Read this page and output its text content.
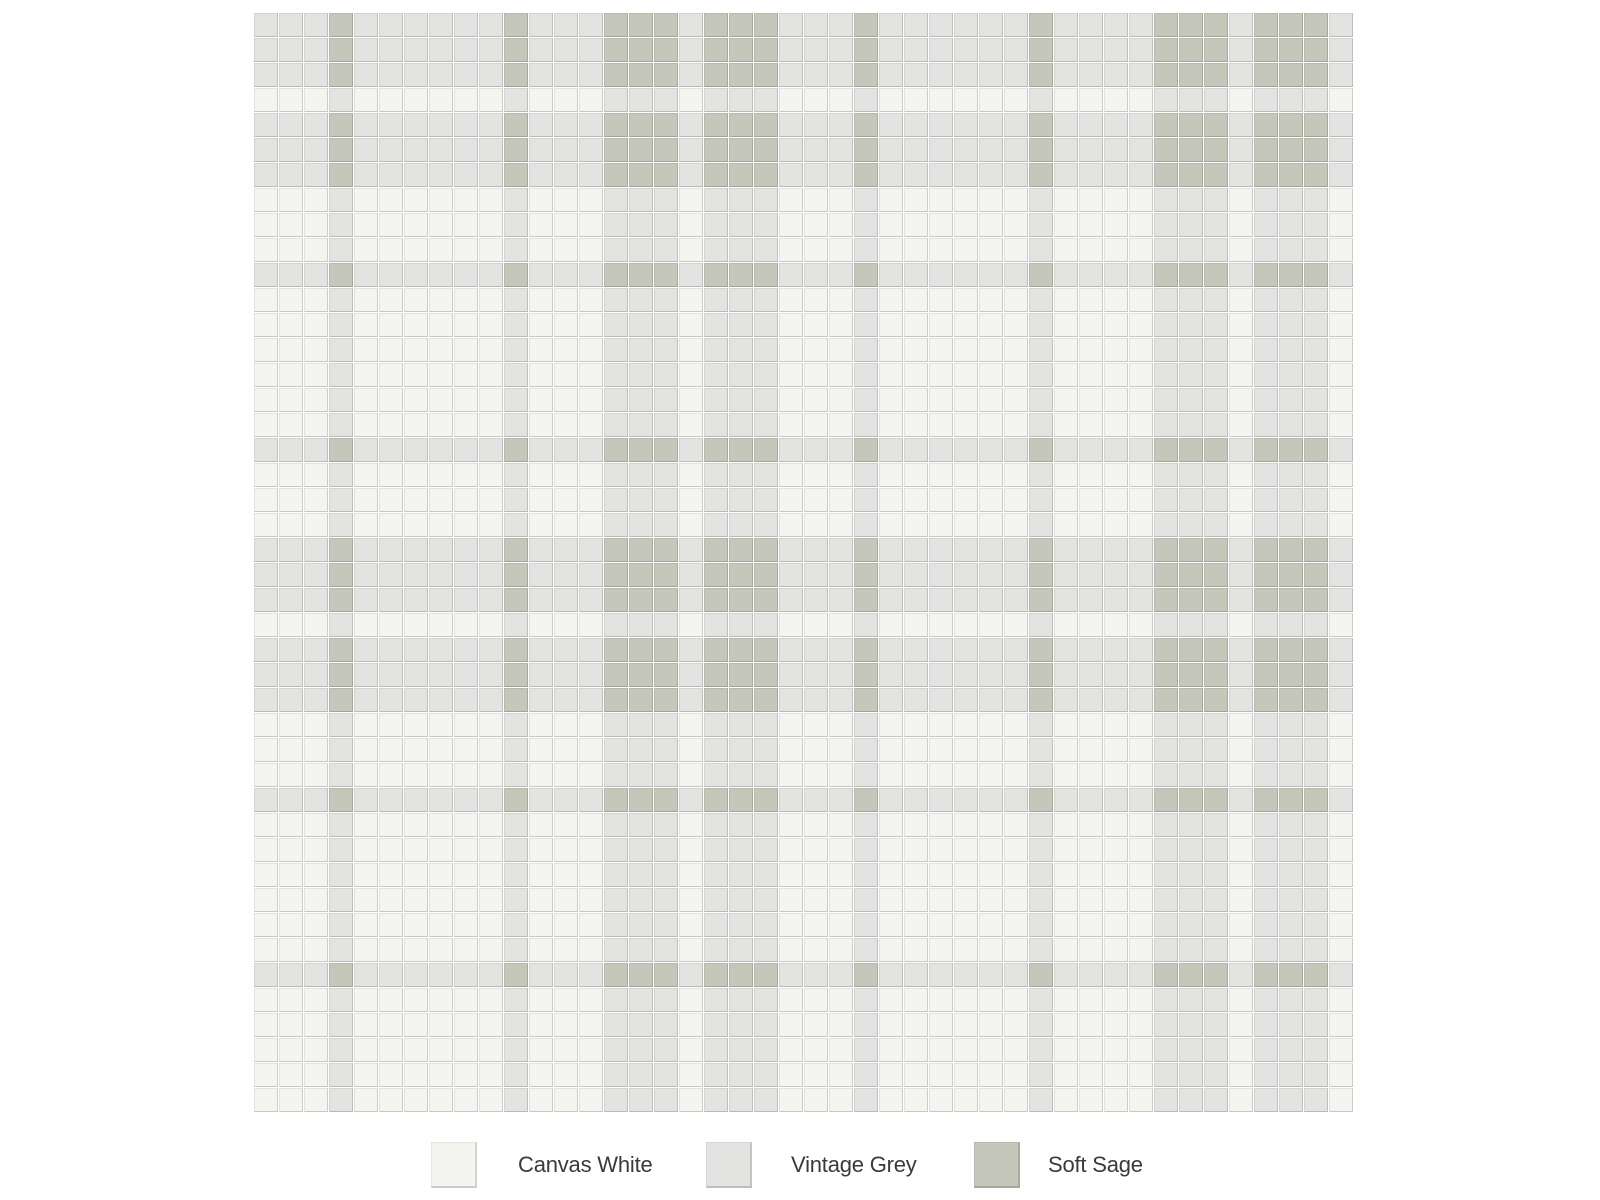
Canvas White	Vintage Grey	Soft Sage
